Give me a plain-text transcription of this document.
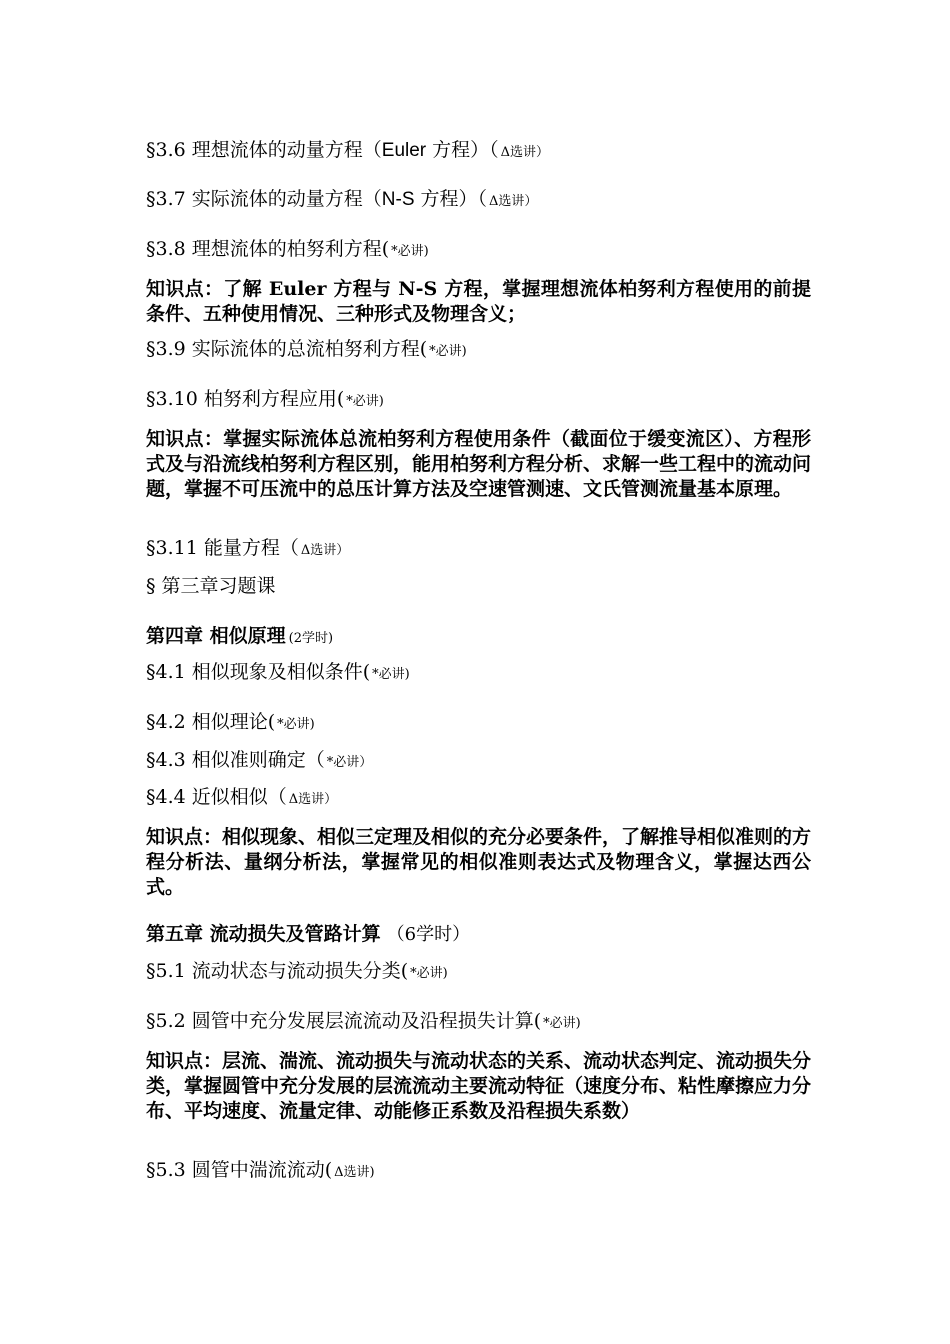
§3.6 理想流体的动量方程（Euler 方程）（ Δ选讲）
§3.7 实际流体的动量方程（N-S 方程）（ Δ选讲）
§3.8 理想流体的柏努利方程( *必讲)
知识点：了解 Euler 方程与 N-S 方程，掌握理想流体柏努利方程使用的前提条件、五种使用情况、三种形式及物理含义；
§3.9 实际流体的总流柏努利方程( *必讲)
§3.10 柏努利方程应用( *必讲)
知识点：掌握实际流体总流柏努利方程使用条件（截面位于缓变流区）、方程形式及与沿流线柏努利方程区别，能用柏努利方程分析、求解一些工程中的流动问题，掌握不可压流中的总压计算方法及空速管测速、文氏管测流量基本原理。
§3.11 能量方程（ Δ选讲）
§ 第三章习题课
第四章 相似原理 (2学时)
§4.1 相似现象及相似条件( *必讲)
§4.2 相似理论( *必讲)
§4.3 相似准则确定（ *必讲）
§4.4 近似相似（ Δ选讲）
知识点：相似现象、相似三定理及相似的充分必要条件，了解推导相似准则的方程分析法、量纲分析法，掌握常见的相似准则表达式及物理含义，掌握达西公式。
第五章 流动损失及管路计算 （6学时）
§5.1 流动状态与流动损失分类( *必讲)
§5.2 圆管中充分发展层流流动及沿程损失计算( *必讲)
知识点：层流、湍流、流动损失与流动状态的关系、流动状态判定、流动损失分类，掌握圆管中充分发展的层流流动主要流动特征（速度分布、粘性摩擦应力分布、平均速度、流量定律、动能修正系数及沿程损失系数）
§5.3 圆管中湍流流动( Δ选讲)
